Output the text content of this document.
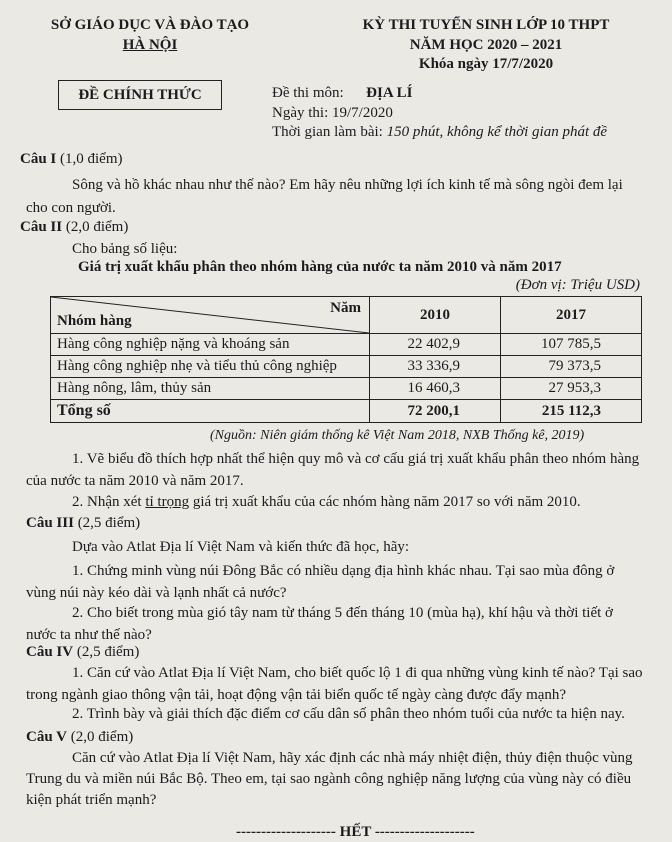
SỞ GIÁO DỤC VÀ ĐÀO TẠO
HÀ NỘI
ĐỀ CHÍNH THỨC
KỲ THI TUYỂN SINH LỚP 10 THPT
NĂM HỌC 2020 – 2021
Khóa ngày 17/7/2020
Đề thi môn: ĐỊA LÍ
Ngày thi: 19/7/2020
Thời gian làm bài: 150 phút, không kể thời gian phát đề
Câu I (1,0 điểm)
Sông và hồ khác nhau như thế nào? Em hãy nêu những lợi ích kinh tế mà sông ngòi đem lại cho con người.
Câu II (2,0 điểm)
Cho bảng số liệu:
Giá trị xuất khẩu phân theo nhóm hàng của nước ta năm 2010 và năm 2017
(Đơn vị: Triệu USD)
Năm
Nhóm hàng	2010	2017
Hàng công nghiệp nặng và khoáng sản	22 402,9	107 785,5
Hàng công nghiệp nhẹ và tiểu thủ công nghiệp	33 336,9	79 373,5
Hàng nông, lâm, thủy sản	16 460,3	27 953,3
Tổng số	72 200,1	215 112,3
(Nguồn: Niên giám thống kê Việt Nam 2018, NXB Thống kê, 2019)
1. Vẽ biểu đồ thích hợp nhất thể hiện quy mô và cơ cấu giá trị xuất khẩu phân theo nhóm hàng của nước ta năm 2010 và năm 2017.
2. Nhận xét tỉ trọng giá trị xuất khẩu của các nhóm hàng năm 2017 so với năm 2010.
Câu III (2,5 điểm)
Dựa vào Atlat Địa lí Việt Nam và kiến thức đã học, hãy:
1. Chứng minh vùng núi Đông Bắc có nhiều dạng địa hình khác nhau. Tại sao mùa đông ở vùng núi này kéo dài và lạnh nhất cả nước?
2. Cho biết trong mùa gió tây nam từ tháng 5 đến tháng 10 (mùa hạ), khí hậu và thời tiết ở nước ta như thế nào?
Câu IV (2,5 điểm)
1. Căn cứ vào Atlat Địa lí Việt Nam, cho biết quốc lộ 1 đi qua những vùng kinh tế nào? Tại sao trong ngành giao thông vận tải, hoạt động vận tải biển quốc tế ngày càng được đẩy mạnh?
2. Trình bày và giải thích đặc điểm cơ cấu dân số phân theo nhóm tuổi của nước ta hiện nay.
Câu V (2,0 điểm)
Căn cứ vào Atlat Địa lí Việt Nam, hãy xác định các nhà máy nhiệt điện, thủy điện thuộc vùng Trung du và miền núi Bắc Bộ. Theo em, tại sao ngành công nghiệp năng lượng của vùng này có điều kiện phát triển mạnh?
-------------------- HẾT --------------------
